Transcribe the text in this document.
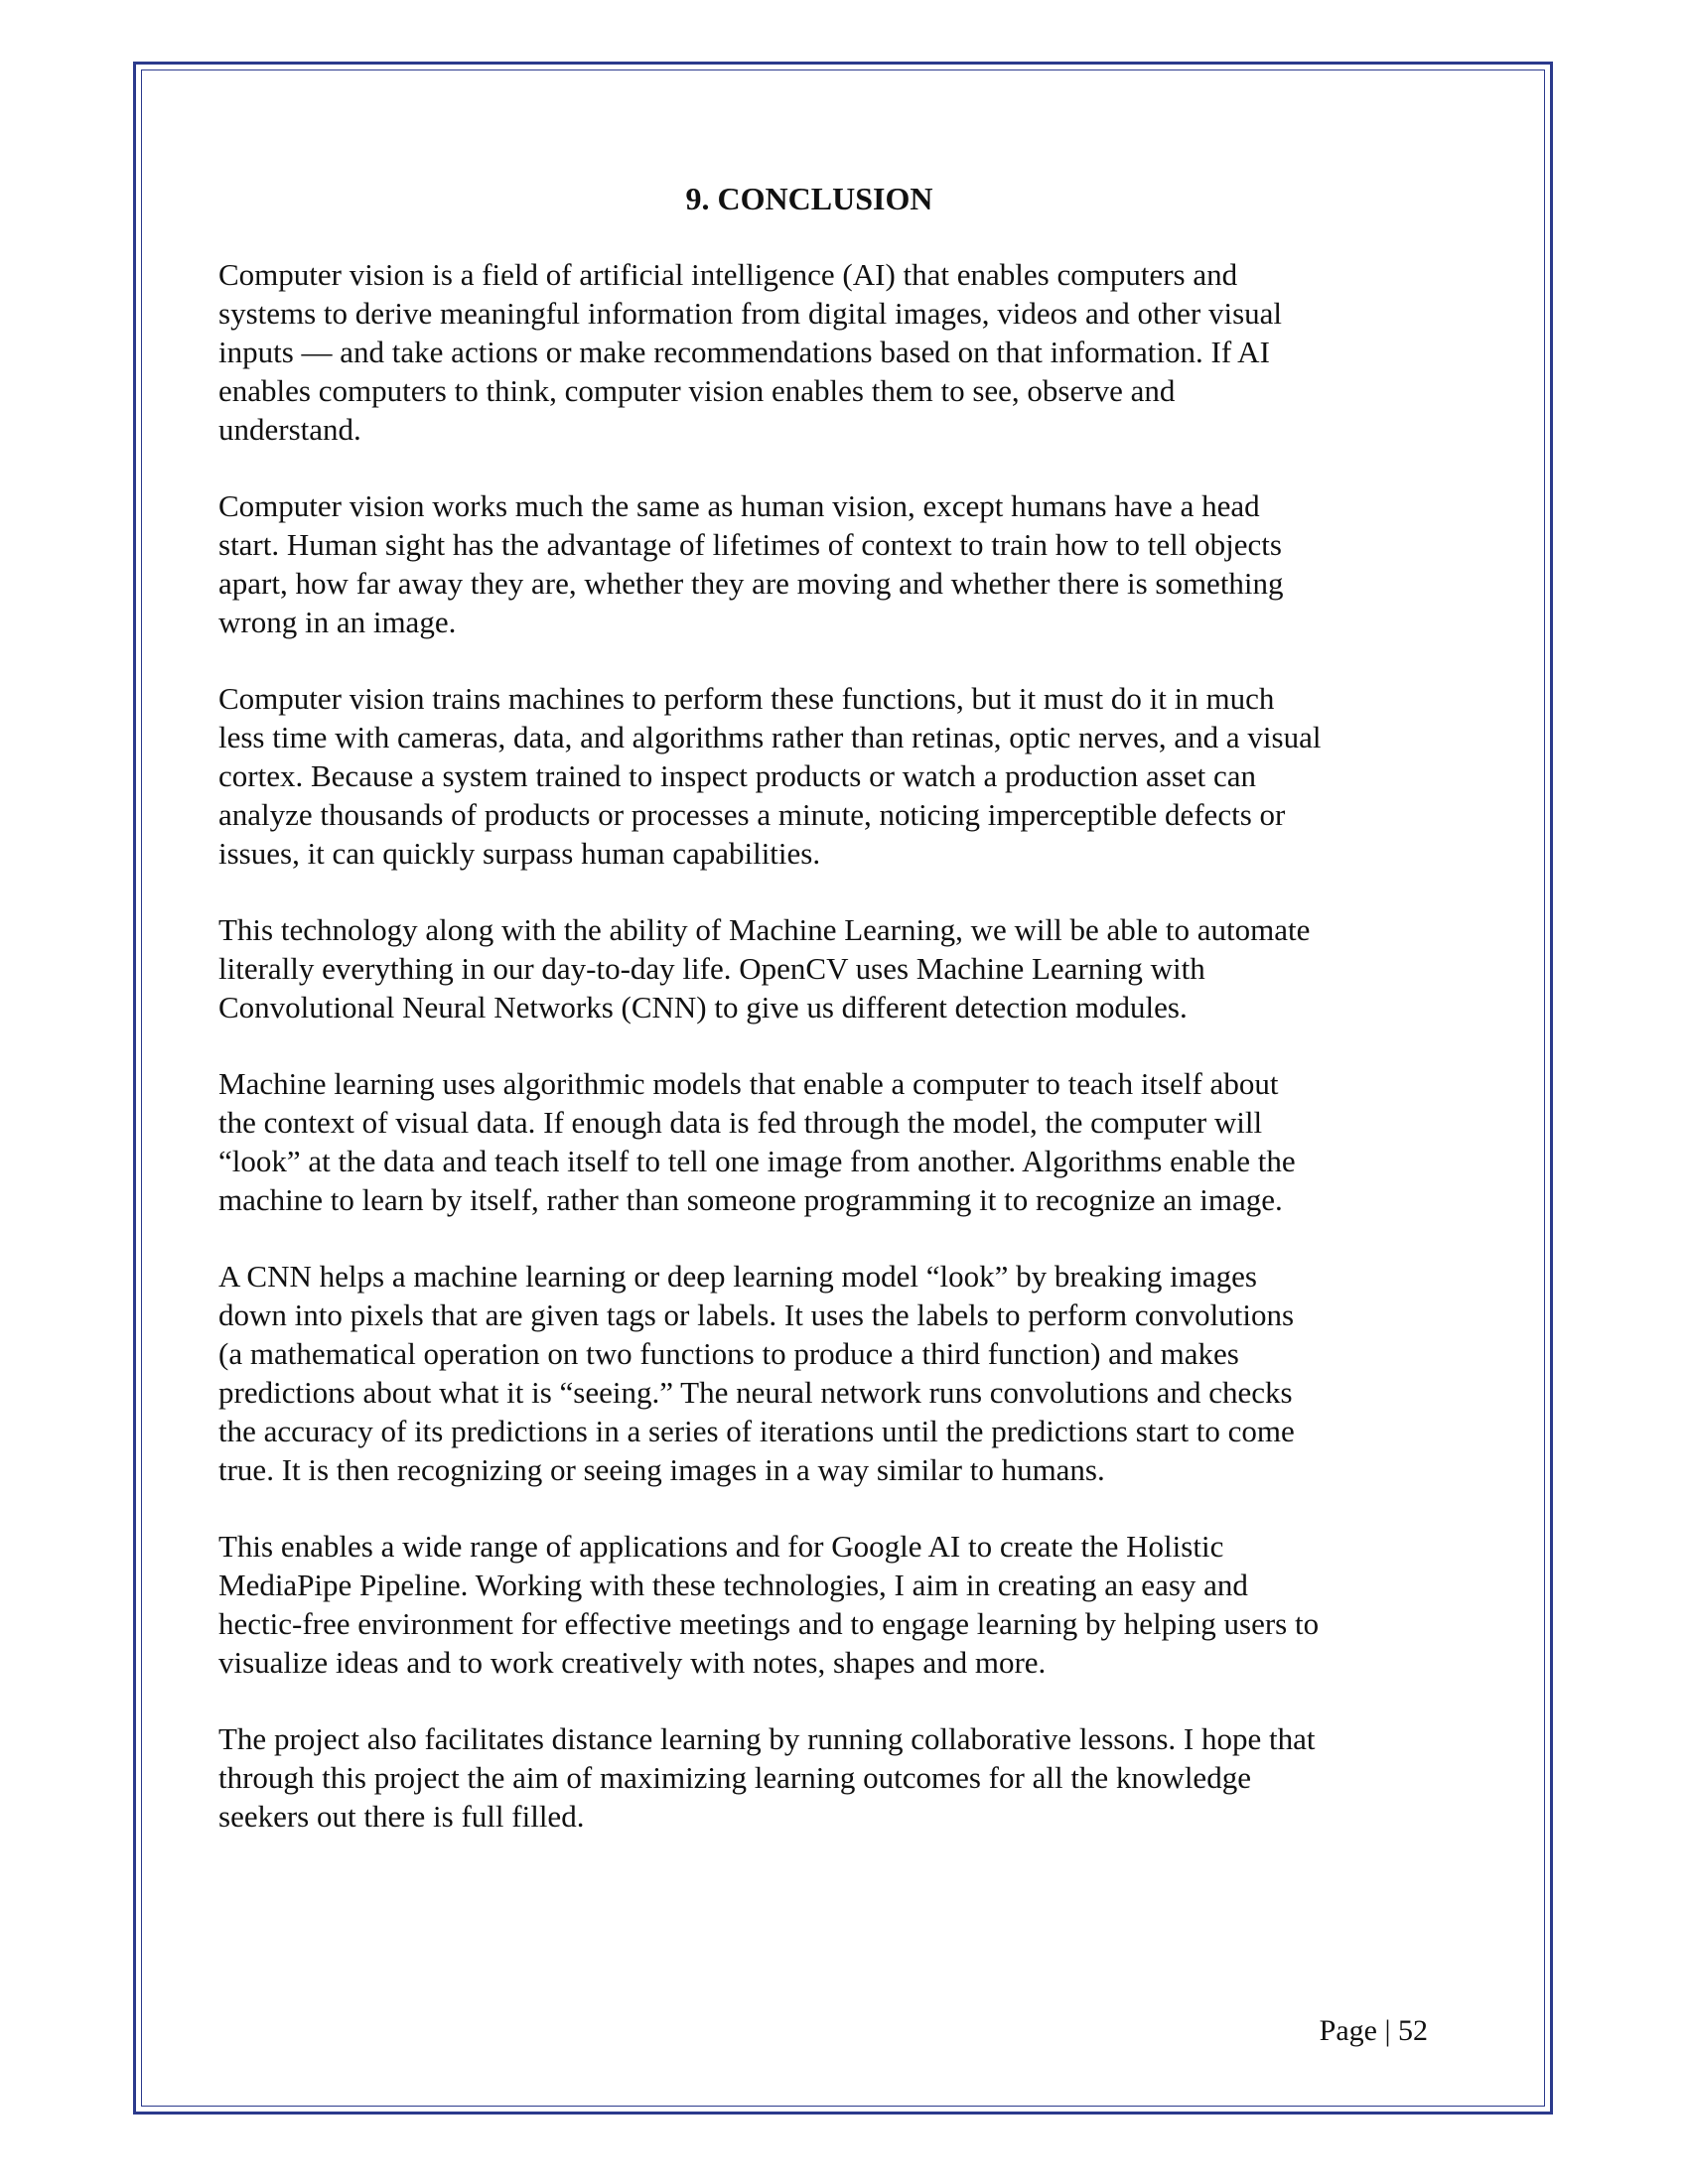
9. CONCLUSION

Computer vision is a field of artificial intelligence (AI) that enables computers and
systems to derive meaningful information from digital images, videos and other visual
inputs — and take actions or make recommendations based on that information. If AI
enables computers to think, computer vision enables them to see, observe and
understand.

Computer vision works much the same as human vision, except humans have a head
start. Human sight has the advantage of lifetimes of context to train how to tell objects
apart, how far away they are, whether they are moving and whether there is something
wrong in an image.

Computer vision trains machines to perform these functions, but it must do it in much
less time with cameras, data, and algorithms rather than retinas, optic nerves, and a visual
cortex. Because a system trained to inspect products or watch a production asset can
analyze thousands of products or processes a minute, noticing imperceptible defects or
issues, it can quickly surpass human capabilities.

This technology along with the ability of Machine Learning, we will be able to automate
literally everything in our day-to-day life. OpenCV uses Machine Learning with
Convolutional Neural Networks (CNN) to give us different detection modules.

Machine learning uses algorithmic models that enable a computer to teach itself about
the context of visual data. If enough data is fed through the model, the computer will
“look” at the data and teach itself to tell one image from another. Algorithms enable the
machine to learn by itself, rather than someone programming it to recognize an image.

A CNN helps a machine learning or deep learning model “look” by breaking images
down into pixels that are given tags or labels. It uses the labels to perform convolutions
(a mathematical operation on two functions to produce a third function) and makes
predictions about what it is “seeing.” The neural network runs convolutions and checks
the accuracy of its predictions in a series of iterations until the predictions start to come
true. It is then recognizing or seeing images in a way similar to humans.

This enables a wide range of applications and for Google AI to create the Holistic
MediaPipe Pipeline. Working with these technologies, I aim in creating an easy and
hectic-free environment for effective meetings and to engage learning by helping users to
visualize ideas and to work creatively with notes, shapes and more.

The project also facilitates distance learning by running collaborative lessons. I hope that
through this project the aim of maximizing learning outcomes for all the knowledge
seekers out there is full filled.

Page | 52
